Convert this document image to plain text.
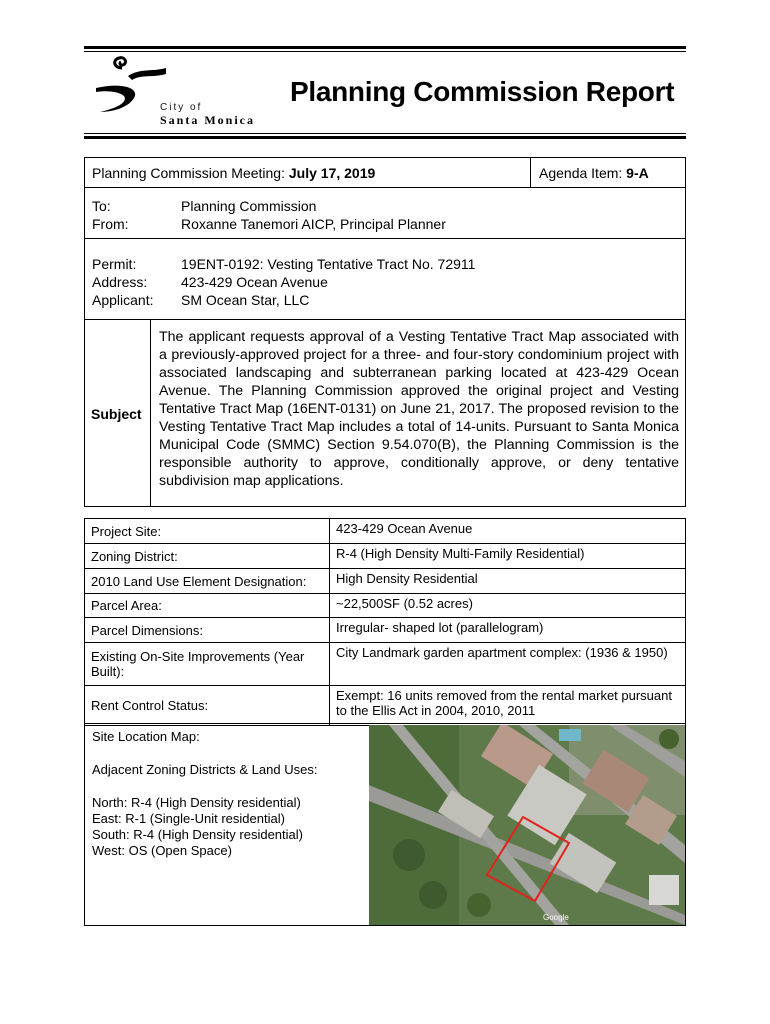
City of
Santa Monica
Planning Commission Report
Planning Commission Meeting: July 17, 2019	Agenda Item: 9-A
To:	Planning Commission
From:	Roxanne Tanemori AICP, Principal Planner
Permit:	19ENT-0192: Vesting Tentative Tract No. 72911
Address: 423-429 Ocean Avenue
Applicant: SM Ocean Star, LLC
Subject
The applicant requests approval of a Vesting Tentative Tract Map associated with a previously-approved project for a three- and four-story condominium project with associated landscaping and subterranean parking located at 423-429 Ocean Avenue. The Planning Commission approved the original project and Vesting Tentative Tract Map (16ENT-0131) on June 21, 2017. The proposed revision to the Vesting Tentative Tract Map includes a total of 14-units. Pursuant to Santa Monica Municipal Code (SMMC) Section 9.54.070(B), the Planning Commission is the responsible authority to approve, conditionally approve, or deny tentative subdivision map applications.
Project Site:	423-429 Ocean Avenue
Zoning District:	R-4 (High Density Multi-Family Residential)
2010 Land Use Element Designation:	High Density Residential
Parcel Area:	~22,500SF (0.52 acres)
Parcel Dimensions:	Irregular- shaped lot (parallelogram)
Existing On-Site Improvements (Year Built):	City Landmark garden apartment complex: (1936 & 1950)
Rent Control Status:	Exempt: 16 units removed from the rental market pursuant to the Ellis Act in 2004, 2010, 2011
Site Location Map:
Adjacent Zoning Districts & Land Uses:
North: R-4 (High Density residential)
East: R-1 (Single-Unit residential)
South: R-4 (High Density residential)
West: OS (Open Space)
Google
